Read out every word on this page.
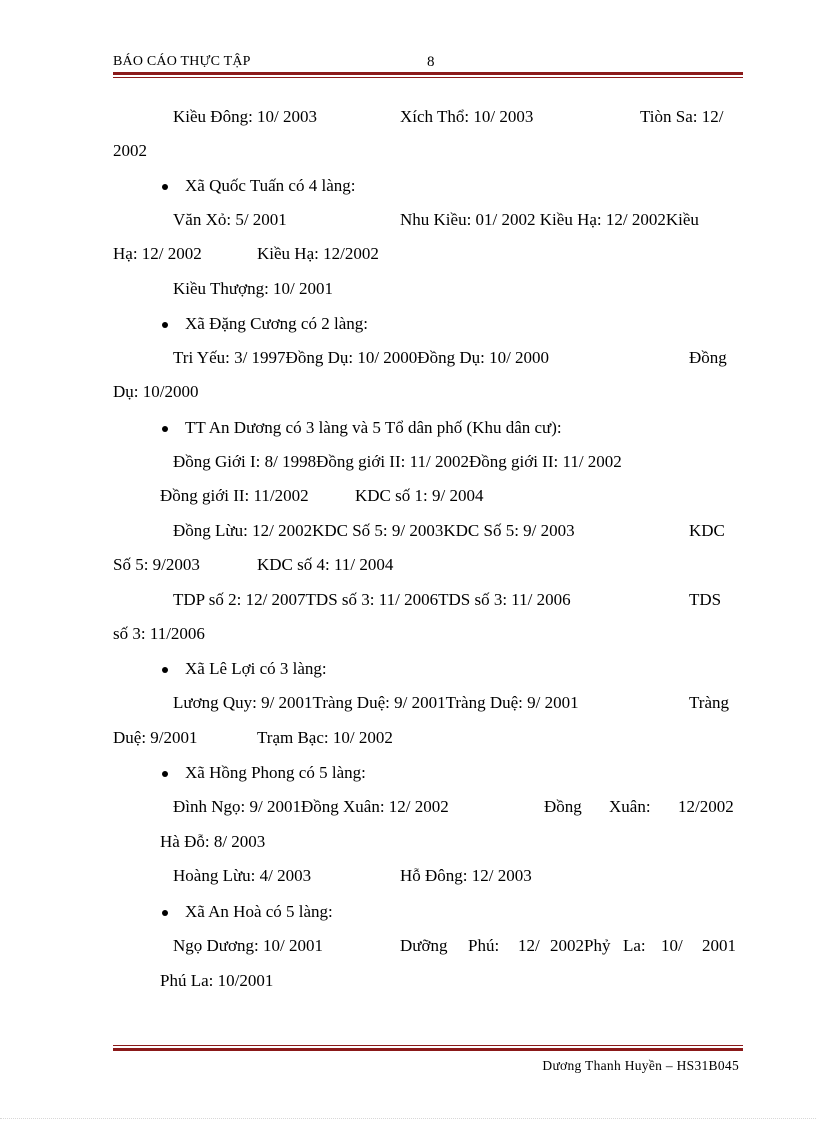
BÁO CÁO THỰC TẬP	8
Kiều Đông: 10/ 2003	Xích Thổ: 10/ 2003	Tiòn Sa: 12/
2002
Xã Quốc Tuấn có 4 làng:
Văn Xỏ: 5/ 2001	Nhu Kiều: 01/ 2002 Kiều Hạ: 12/ 2002Kiều
Hạ: 12/ 2002	Kiều Hạ: 12/2002
Kiều Thượng: 10/ 2001
Xã Đặng Cương có 2 làng:
Tri Yếu: 3/ 1997Đồng Dụ: 10/ 2000Đồng Dụ: 10/ 2000	Đồng
Dụ: 10/2000
TT An Dương có 3 làng và 5 Tổ dân phố (Khu dân cư):
Đồng Giới I: 8/ 1998Đồng giới II: 11/ 2002Đồng giới II: 11/ 2002
Đồng giới II: 11/2002	KDC số 1: 9/ 2004
Đồng Lừu: 12/ 2002KDC Số 5: 9/ 2003KDC Số 5: 9/ 2003	KDC
Số 5: 9/2003	KDC số 4: 11/ 2004
TDP số 2: 12/ 2007TDS số 3: 11/ 2006TDS số 3: 11/ 2006	TDS
số 3: 11/2006
Xã Lê Lợi có 3 làng:
Lương Quy: 9/ 2001Tràng Duệ: 9/ 2001Tràng Duệ: 9/ 2001	Tràng
Duệ: 9/2001	Trạm Bạc: 10/ 2002
Xã Hồng Phong có 5 làng:
Đình Ngọ: 9/ 2001Đồng Xuân: 12/ 2002	Đồng Xuân: 12/2002
Hà Đỗ: 8/ 2003
Hoàng Lừu: 4/ 2003	Hỗ Đông: 12/ 2003
Xã An Hoà có 5 làng:
Ngọ Dương: 10/ 2001	Dưỡng Phú: 12/ 2002Phỷ La: 10/ 2001
Phú La: 10/2001
Dương Thanh Huyền – HS31B045
